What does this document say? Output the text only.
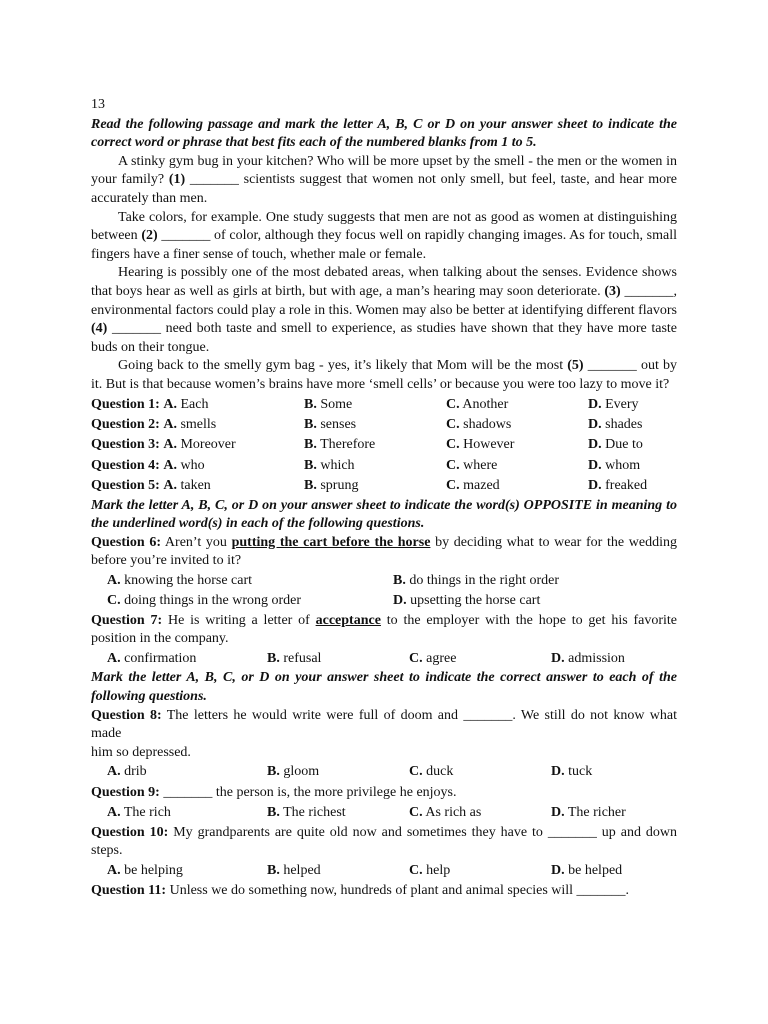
13

Read the following passage and mark the letter A, B, C or D on your answer sheet to indicate the correct word or phrase that best fits each of the numbered blanks from 1 to 5.

A stinky gym bug in your kitchen? Who will be more upset by the smell - the men or the women in your family? (1) _______ scientists suggest that women not only smell, but feel, taste, and hear more accurately than men.

Take colors, for example. One study suggests that men are not as good as women at distinguishing between (2) _______ of color, although they focus well on rapidly changing images. As for touch, small fingers have a finer sense of touch, whether male or female.

Hearing is possibly one of the most debated areas, when talking about the senses. Evidence shows that boys hear as well as girls at birth, but with age, a man’s hearing may soon deteriorate. (3) _______, environmental factors could play a role in this. Women may also be better at identifying different flavors (4) _______ need both taste and smell to experience, as studies have shown that they have more taste buds on their tongue.

Going back to the smelly gym bag - yes, it’s likely that Mom will be the most (5) _______ out by it. But is that because women’s brains have more ‘smell cells’ or because you were too lazy to move it?

Question 1: A. Each	B. Some	C. Another	D. Every
Question 2: A. smells	B. senses	C. shadows	D. shades
Question 3: A. Moreover	B. Therefore	C. However	D. Due to
Question 4: A. who	B. which	C. where	D. whom
Question 5: A. taken	B. sprung	C. mazed	D. freaked

Mark the letter A, B, C, or D on your answer sheet to indicate the word(s) OPPOSITE in meaning to the underlined word(s) in each of the following questions.

Question 6: Aren’t you putting the cart before the horse by deciding what to wear for the wedding before you’re invited to it?

A. knowing the horse cart	B. do things in the right order
C. doing things in the wrong order	D. upsetting the horse cart

Question 7: He is writing a letter of acceptance to the employer with the hope to get his favorite position in the company.

A. confirmation	B. refusal	C. agree	D. admission

Mark the letter A, B, C, or D on your answer sheet to indicate the correct answer to each of the following questions.

Question 8: The letters he would write were full of doom and _______. We still do not know what made

him so depressed.

A. drib	B. gloom	C. duck	D. tuck

Question 9: _______ the person is, the more privilege he enjoys.

A. The rich	B. The richest	C. As rich as	D. The richer

Question 10: My grandparents are quite old now and sometimes they have to _______ up and down steps.

A. be helping	B. helped	C. help	D. be helped

Question 11: Unless we do something now, hundreds of plant and animal species will _______.
